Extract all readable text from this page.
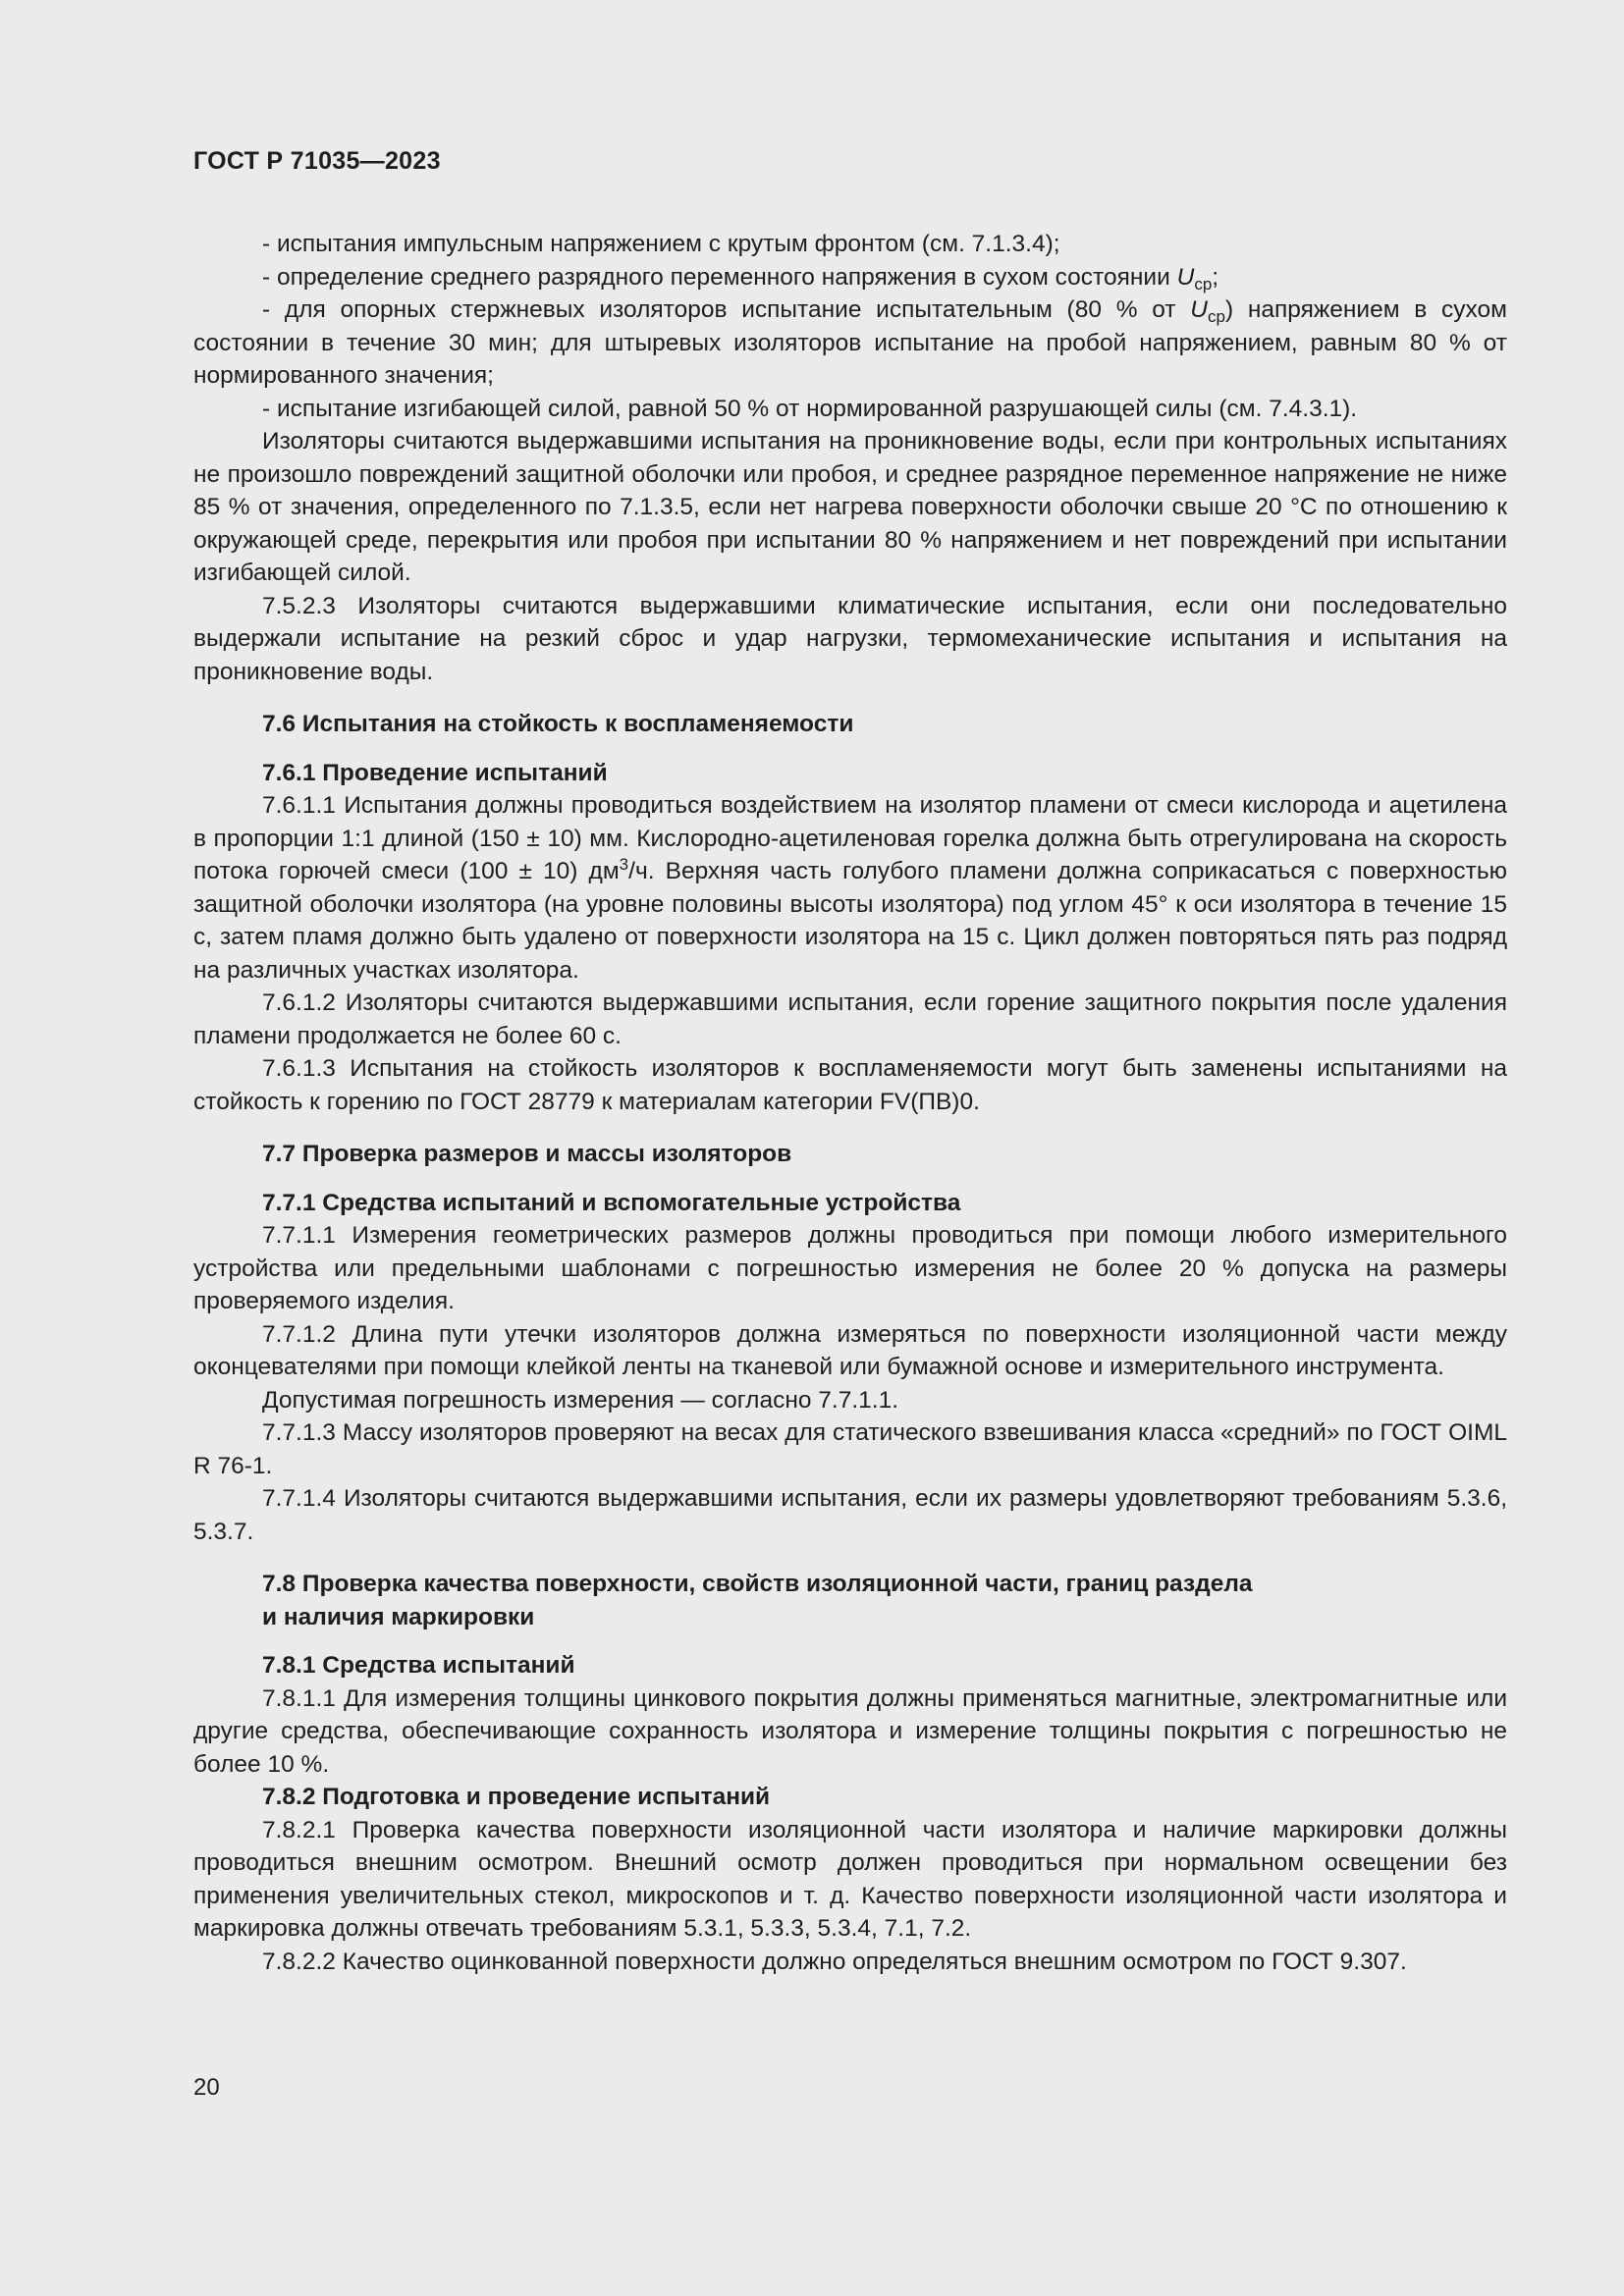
ГОСТ Р 71035—2023

- испытания импульсным напряжением с крутым фронтом (см. 7.1.3.4);

- определение среднего разрядного переменного напряжения в сухом состоянии $U_{ср}$;

- для опорных стержневых изоляторов испытание испытательным (80 % от $U_{ср}$) напряжением в сухом состоянии в течение 30 мин; для штыревых изоляторов испытание на пробой напряжением, равным 80 % от нормированного значения;

- испытание изгибающей силой, равной 50 % от нормированной разрушающей силы (см. 7.4.3.1).

Изоляторы считаются выдержавшими испытания на проникновение воды, если при контрольных испытаниях не произошло повреждений защитной оболочки или пробоя, и среднее разрядное переменное напряжение не ниже 85 % от значения, определенного по 7.1.3.5, если нет нагрева поверхности оболочки свыше 20 °С по отношению к окружающей среде, перекрытия или пробоя при испытании 80 % напряжением и нет повреждений при испытании изгибающей силой.

7.5.2.3 Изоляторы считаются выдержавшими климатические испытания, если они последовательно выдержали испытание на резкий сброс и удар нагрузки, термомеханические испытания и испытания на проникновение воды.

7.6 Испытания на стойкость к воспламеняемости

7.6.1 Проведение испытаний

7.6.1.1 Испытания должны проводиться воздействием на изолятор пламени от смеси кислорода и ацетилена в пропорции 1:1 длиной (150 ± 10) мм. Кислородно-ацетиленовая горелка должна быть отрегулирована на скорость потока горючей смеси (100 ± 10) $дм^3/ч$. Верхняя часть голубого пламени должна соприкасаться с поверхностью защитной оболочки изолятора (на уровне половины высоты изолятора) под углом 45° к оси изолятора в течение 15 с, затем пламя должно быть удалено от поверхности изолятора на 15 с. Цикл должен повторяться пять раз подряд на различных участках изолятора.

7.6.1.2 Изоляторы считаются выдержавшими испытания, если горение защитного покрытия после удаления пламени продолжается не более 60 с.

7.6.1.3 Испытания на стойкость изоляторов к воспламеняемости могут быть заменены испытаниями на стойкость к горению по ГОСТ 28779 к материалам категории FV(ПВ)0.

7.7 Проверка размеров и массы изоляторов

7.7.1 Средства испытаний и вспомогательные устройства

7.7.1.1 Измерения геометрических размеров должны проводиться при помощи любого измерительного устройства или предельными шаблонами с погрешностью измерения не более 20 % допуска на размеры проверяемого изделия.

7.7.1.2 Длина пути утечки изоляторов должна измеряться по поверхности изоляционной части между оконцевателями при помощи клейкой ленты на тканевой или бумажной основе и измерительного инструмента.

Допустимая погрешность измерения — согласно 7.7.1.1.

7.7.1.3 Массу изоляторов проверяют на весах для статического взвешивания класса «средний» по ГОСТ OIML R 76-1.

7.7.1.4 Изоляторы считаются выдержавшими испытания, если их размеры удовлетворяют требованиям 5.3.6, 5.3.7.

7.8 Проверка качества поверхности, свойств изоляционной части, границ раздела

и наличия маркировки

7.8.1 Средства испытаний

7.8.1.1 Для измерения толщины цинкового покрытия должны применяться магнитные, электромагнитные или другие средства, обеспечивающие сохранность изолятора и измерение толщины покрытия с погрешностью не более 10 %.

7.8.2 Подготовка и проведение испытаний

7.8.2.1 Проверка качества поверхности изоляционной части изолятора и наличие маркировки должны проводиться внешним осмотром. Внешний осмотр должен проводиться при нормальном освещении без применения увеличительных стекол, микроскопов и т. д. Качество поверхности изоляционной части изолятора и маркировка должны отвечать требованиям 5.3.1, 5.3.3, 5.3.4, 7.1, 7.2.

7.8.2.2 Качество оцинкованной поверхности должно определяться внешним осмотром по ГОСТ 9.307.

20
